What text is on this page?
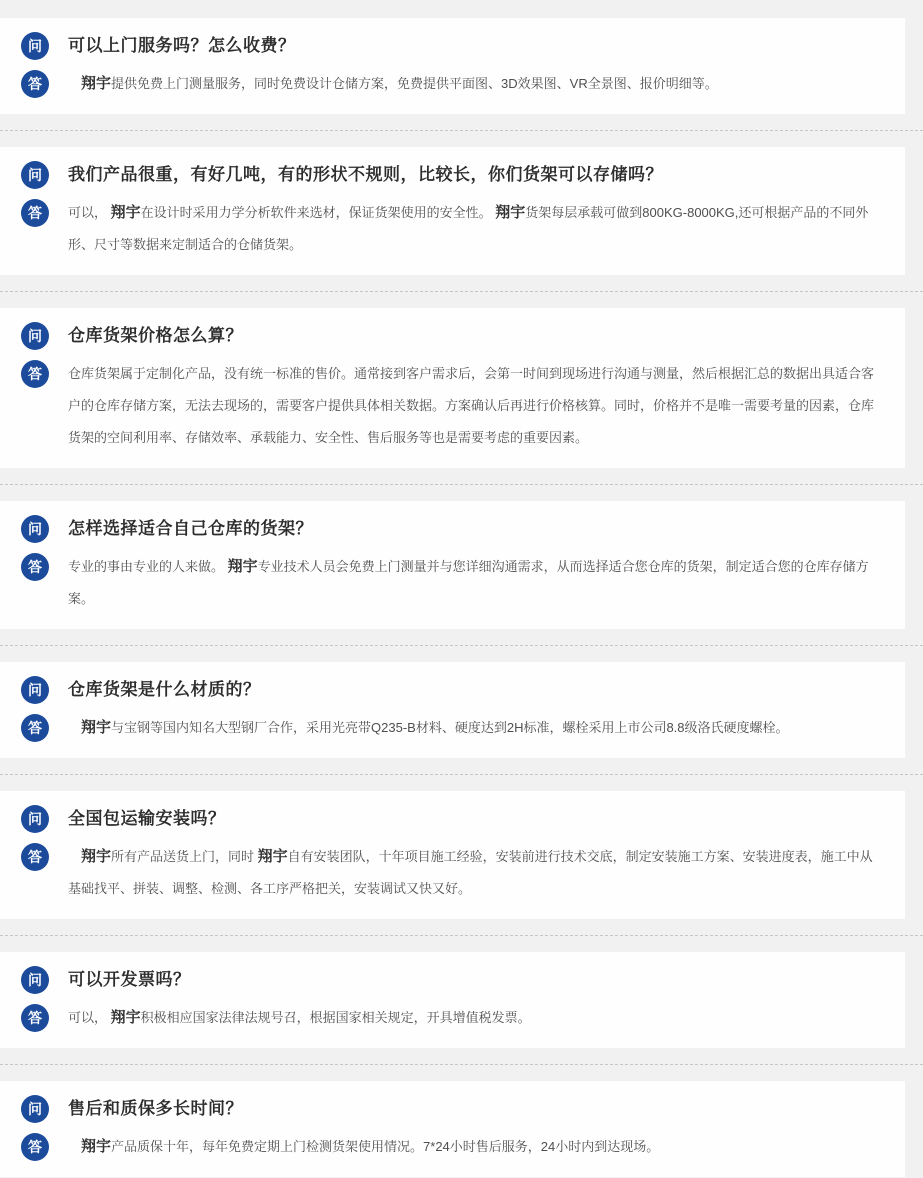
问	可以上门服务吗？怎么收费？
答
　	翔宇提供免费上门测量服务，同时免费设计仓储方案，免费提供平面图、3D效果图、VR全景图、报价明细等。
问	我们产品很重，有好几吨，有的形状不规则，比较长，你们货架可以存储吗？
答	可以， 翔宇在设计时采用力学分析软件来选材，保证货架使用的安全性。 翔宇货架每层承载可做到800KG-8000KG,还可根据产品的不同外形、尺寸等数据来定制适合的仓储货架。
问	仓库货架价格怎么算？
答	仓库货架属于定制化产品，没有统一标准的售价。通常接到客户需求后，会第一时间到现场进行沟通与测量，然后根据汇总的数据出具适合客户的仓库存储方案，无法去现场的，需要客户提供具体相关数据。方案确认后再进行价格核算。同时，价格并不是唯一需要考量的因素，仓库货架的空间利用率、存储效率、承载能力、安全性、售后服务等也是需要考虑的重要因素。
问	怎样选择适合自己仓库的货架？
答	专业的事由专业的人来做。 翔宇专业技术人员会免费上门测量并与您详细沟通需求，从而选择适合您仓库的货架，制定适合您的仓库存储方案。
问	仓库货架是什么材质的？
答
　	翔宇与宝钢等国内知名大型钢厂合作，采用光亮带Q235-B材料、硬度达到2H标准，螺栓采用上市公司8.8级洛氏硬度螺栓。
问	全国包运输安装吗？
答
　	翔宇所有产品送货上门，同时 翔宇自有安装团队，十年项目施工经验，安装前进行技术交底，制定安装施工方案、安装进度表，施工中从基础找平、拼装、调整、检测、各工序严格把关，安装调试又快又好。
问	可以开发票吗？
答	可以， 翔宇积极相应国家法律法规号召，根据国家相关规定，开具增值税发票。
问	售后和质保多长时间？
答
　	翔宇产品质保十年，每年免费定期上门检测货架使用情况。7*24小时售后服务，24小时内到达现场。
